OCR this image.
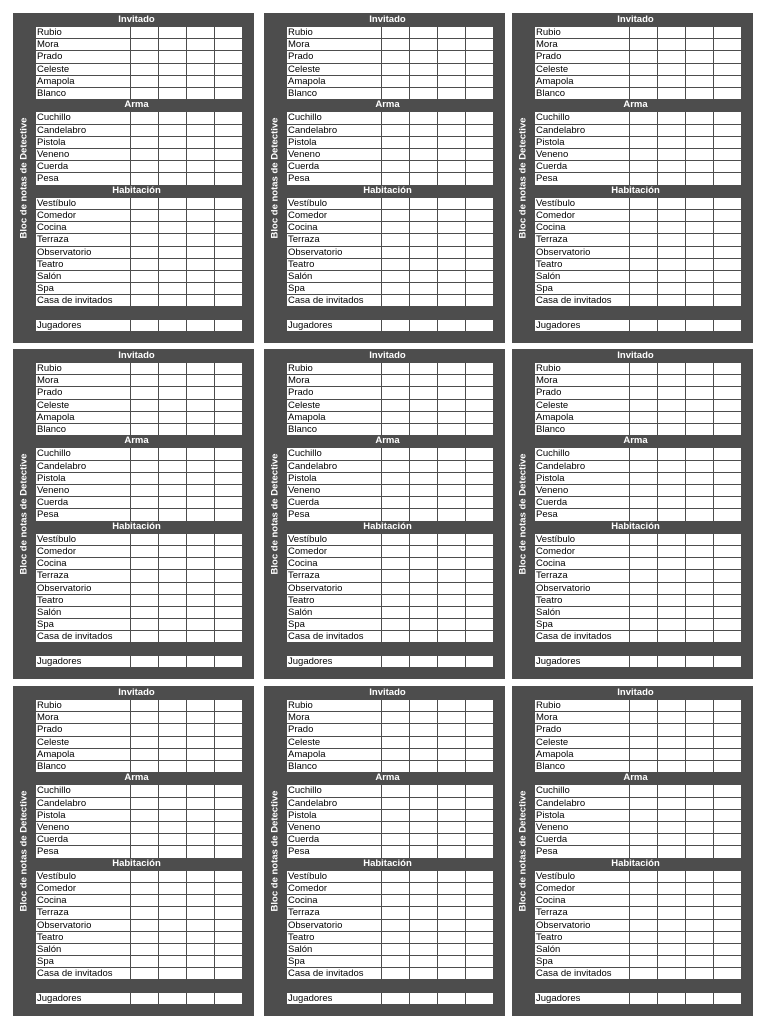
Bloc de notas de Detective
Invitado
Rubio				
Mora				
Prado				
Celeste				
Amapola				
Blanco				
Arma
Cuchillo				
Candelabro				
Pistola				
Veneno				
Cuerda				
Pesa				
Habitación
Vestíbulo				
Comedor				
Cocina				
Terraza				
Observatorio				
Teatro				
Salón				
Spa				
Casa de invitados				
Jugadores				
Bloc de notas de Detective
Invitado
Rubio				
Mora				
Prado				
Celeste				
Amapola				
Blanco				
Arma
Cuchillo				
Candelabro				
Pistola				
Veneno				
Cuerda				
Pesa				
Habitación
Vestíbulo				
Comedor				
Cocina				
Terraza				
Observatorio				
Teatro				
Salón				
Spa				
Casa de invitados				
Jugadores				
Bloc de notas de Detective
Invitado
Rubio				
Mora				
Prado				
Celeste				
Amapola				
Blanco				
Arma
Cuchillo				
Candelabro				
Pistola				
Veneno				
Cuerda				
Pesa				
Habitación
Vestíbulo				
Comedor				
Cocina				
Terraza				
Observatorio				
Teatro				
Salón				
Spa				
Casa de invitados				
Jugadores				
Bloc de notas de Detective
Invitado
Rubio				
Mora				
Prado				
Celeste				
Amapola				
Blanco				
Arma
Cuchillo				
Candelabro				
Pistola				
Veneno				
Cuerda				
Pesa				
Habitación
Vestíbulo				
Comedor				
Cocina				
Terraza				
Observatorio				
Teatro				
Salón				
Spa				
Casa de invitados				
Jugadores				
Bloc de notas de Detective
Invitado
Rubio				
Mora				
Prado				
Celeste				
Amapola				
Blanco				
Arma
Cuchillo				
Candelabro				
Pistola				
Veneno				
Cuerda				
Pesa				
Habitación
Vestíbulo				
Comedor				
Cocina				
Terraza				
Observatorio				
Teatro				
Salón				
Spa				
Casa de invitados				
Jugadores				
Bloc de notas de Detective
Invitado
Rubio				
Mora				
Prado				
Celeste				
Amapola				
Blanco				
Arma
Cuchillo				
Candelabro				
Pistola				
Veneno				
Cuerda				
Pesa				
Habitación
Vestíbulo				
Comedor				
Cocina				
Terraza				
Observatorio				
Teatro				
Salón				
Spa				
Casa de invitados				
Jugadores				
Bloc de notas de Detective
Invitado
Rubio				
Mora				
Prado				
Celeste				
Amapola				
Blanco				
Arma
Cuchillo				
Candelabro				
Pistola				
Veneno				
Cuerda				
Pesa				
Habitación
Vestíbulo				
Comedor				
Cocina				
Terraza				
Observatorio				
Teatro				
Salón				
Spa				
Casa de invitados				
Jugadores				
Bloc de notas de Detective
Invitado
Rubio				
Mora				
Prado				
Celeste				
Amapola				
Blanco				
Arma
Cuchillo				
Candelabro				
Pistola				
Veneno				
Cuerda				
Pesa				
Habitación
Vestíbulo				
Comedor				
Cocina				
Terraza				
Observatorio				
Teatro				
Salón				
Spa				
Casa de invitados				
Jugadores				
Bloc de notas de Detective
Invitado
Rubio				
Mora				
Prado				
Celeste				
Amapola				
Blanco				
Arma
Cuchillo				
Candelabro				
Pistola				
Veneno				
Cuerda				
Pesa				
Habitación
Vestíbulo				
Comedor				
Cocina				
Terraza				
Observatorio				
Teatro				
Salón				
Spa				
Casa de invitados				
Jugadores				
